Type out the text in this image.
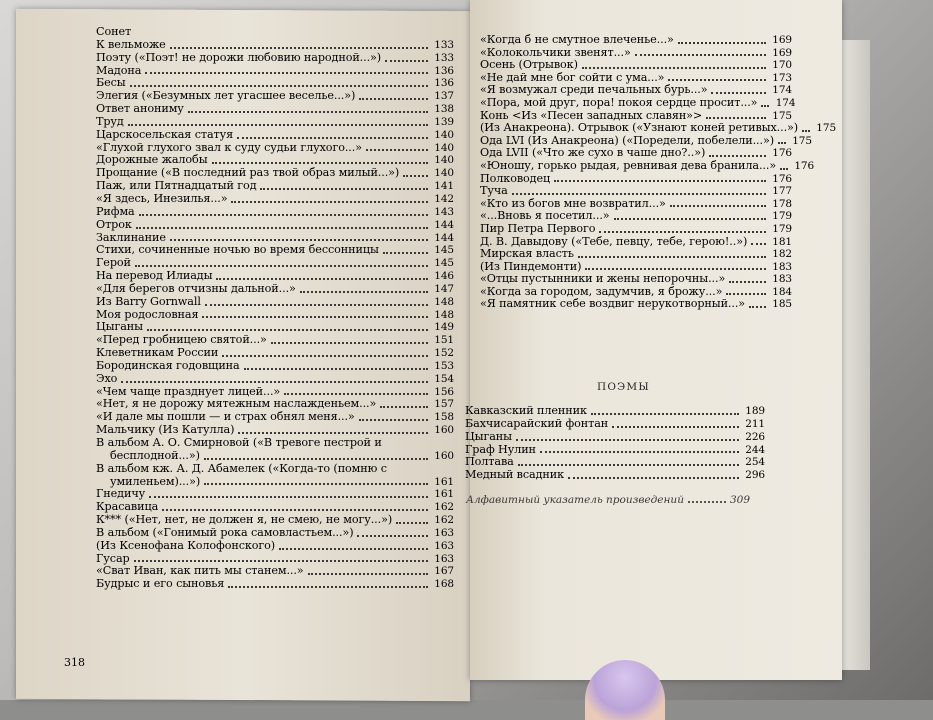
Сонет
К вельможе	133
Поэту («Поэт! не дорожи любовию народной...»)	133
Мадона	136
Бесы	136
Элегия («Безумных лет угасшее веселье...»)	137
Ответ анониму	138
Труд	139
Царскосельская статуя	140
«Глухой глухого звал к суду судьи глухого...»	140
Дорожные жалобы	140
Прощание («В последний раз твой образ милый...»)	140
Паж, или Пятнадцатый год	141
«Я здесь, Инезилья...»	142
Рифма	143
Отрок	144
Заклинание	144
Стихи, сочиненные ночью во время бессонницы	145
Герой	145
На перевод Илиады	146
«Для берегов отчизны дальной...»	147
Из Barry Gornwall	148
Моя родословная	148
Цыганы	149
«Перед гробницею святой...»	151
Клеветникам России	152
Бородинская годовщина	153
Эхо	154
«Чем чаще празднует лицей...»	156
«Нет, я не дорожу мятежным наслажденьем...»	157
«И дале мы пошли — и страх обнял меня...»	158
Мальчику (Из Катулла)	160
В альбом А. О. Смирновой («В тревоге пестрой и
бесплодной...»)	160
В альбом кж. А. Д. Абамелек («Когда-то (помню с
умиленьем)...»)	161
Гнедичу	161
Красавица	162
К*** («Нет, нет, не должен я, не смею, не могу...»)	162
В альбом («Гонимый рока самовластьем...»)	163
(Из Ксенофана Колофонского)	163
Гусар	163
«Сват Иван, как пить мы станем...»	167
Будрыс и его сыновья	168
«Когда б не смутное влеченье...»	169
«Колокольчики звенят...»	169
Осень (Отрывок)	170
«Не дай мне бог сойти с ума...»	173
«Я возмужал среди печальных бурь...»	174
«Пора, мой друг, пора! покоя сердце просит...» 174
Конь <Из «Песен западных славян»>	175
(Из Анакреона). Отрывок («Узнают коней ретивых...») 175
Ода LVI (Из Анакреона) («Поредели, побелели...») 175
Ода LVII («Что же сухо в чаше дно?..»)	176
«Юношу, горько рыдая, ревнивая дева бранила...» 176
Полководец	176
Туча	177
«Кто из богов мне возвратил...»	178
«...Вновь я посетил...»	179
Пир Петра Первого	179
Д. В. Давыдову («Тебе, певцу, тебе, герою!..») 181
Мирская власть	182
(Из Пиндемонти)	183
«Отцы пустынники и жены непорочны...»	183
«Когда за городом, задумчив, я брожу...»	184
«Я памятник себе воздвиг нерукотворный...»	185
ПОЭМЫ
Кавказский пленник	189
Бахчисарайский фонтан	211
Цыганы	226
Граф Нулин	244
Полтава	254
Медный всадник	296
Алфавитный указатель произведений	309
318
